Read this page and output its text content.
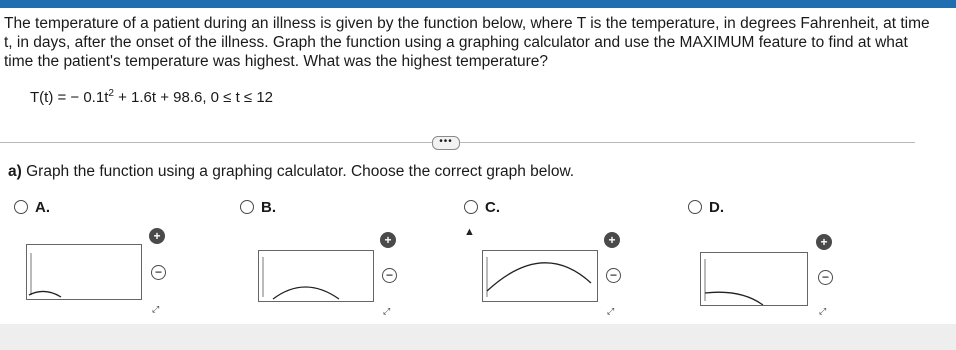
The temperature of a patient during an illness is given by the function below, where T is the temperature, in degrees Fahrenheit, at time t, in days, after the onset of the illness. Graph the function using a graphing calculator and use the MAXIMUM feature to find at what time the patient's temperature was highest. What was the highest temperature?
T(t) = − $0.1t^2 + 1.6t + 98.6$, 0 ≤ t ≤ 12
•••
a) Graph the function using a graphing calculator. Choose the correct graph below.
A.
+
−
⤢
B.
+
−
⤢
C.
+
−
⤢
D.
+
−
⤢
▲
